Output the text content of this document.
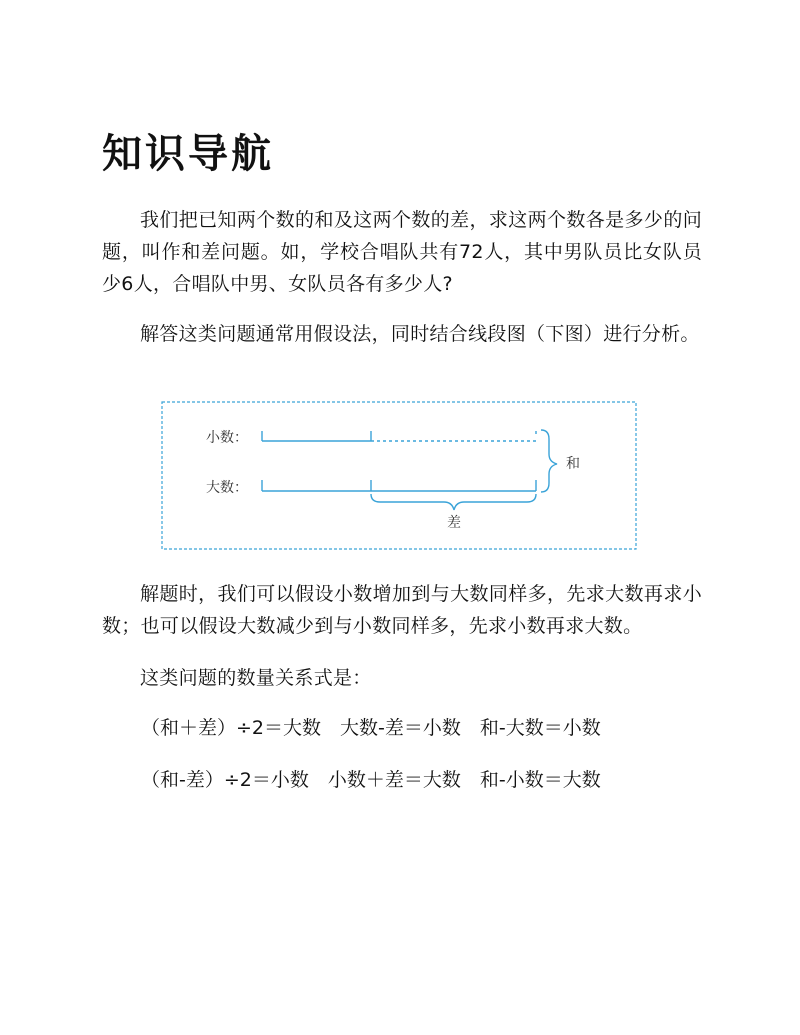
知识导航

我们把已知两个数的和及这两个数的差，求这两个数各是多少的问题，叫作和差问题。如，学校合唱队共有72人，其中男队员比女队员少6人，合唱队中男、女队员各有多少人?

解答这类问题通常用假设法，同时结合线段图（下图）进行分析。

小数：
大数：
差
和

解题时，我们可以假设小数增加到与大数同样多，先求大数再求小数；也可以假设大数减少到与小数同样多，先求小数再求大数。

这类问题的数量关系式是：

（和＋差）÷2＝大数　大数-差＝小数　和-大数＝小数

（和-差）÷2＝小数　小数＋差＝大数　和-小数＝大数
